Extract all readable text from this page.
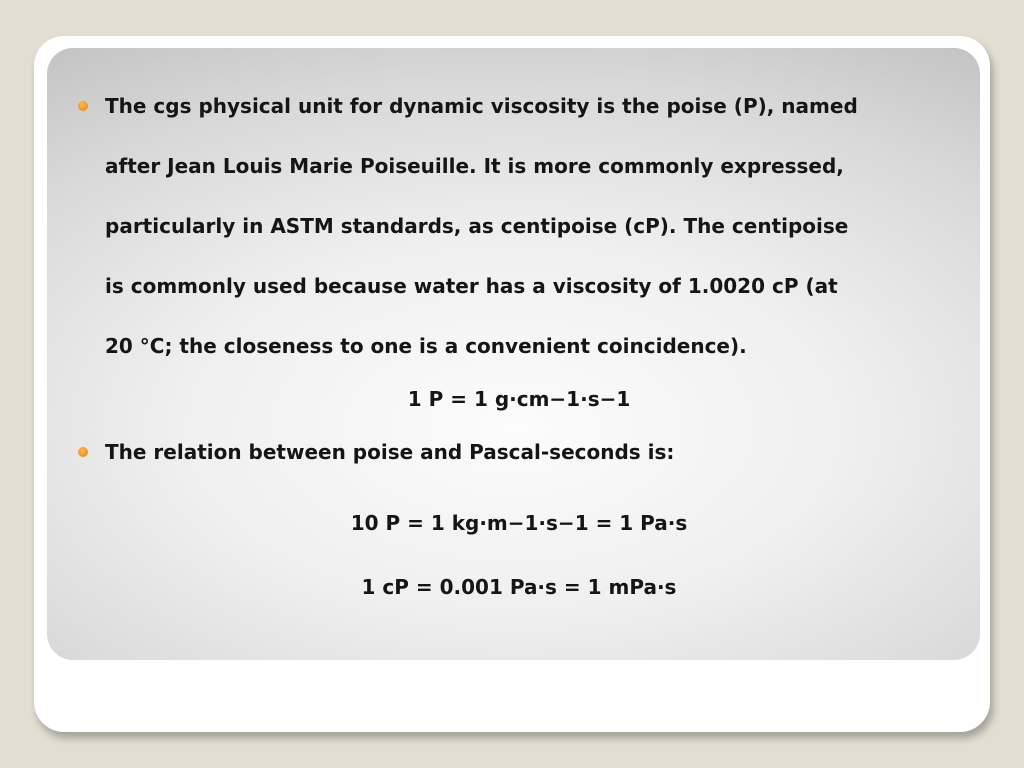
The cgs physical unit for dynamic viscosity is the poise (P), named
after Jean Louis Marie Poiseuille. It is more commonly expressed,
particularly in ASTM standards, as centipoise (cP). The centipoise
is commonly used because water has a viscosity of 1.0020 cP (at
20 °C; the closeness to one is a convenient coincidence).
1 P = 1 g·cm−1·s−1
The relation between poise and Pascal-seconds is:
10 P = 1 kg·m−1·s−1 = 1 Pa·s
1 cP = 0.001 Pa·s = 1 mPa·s
